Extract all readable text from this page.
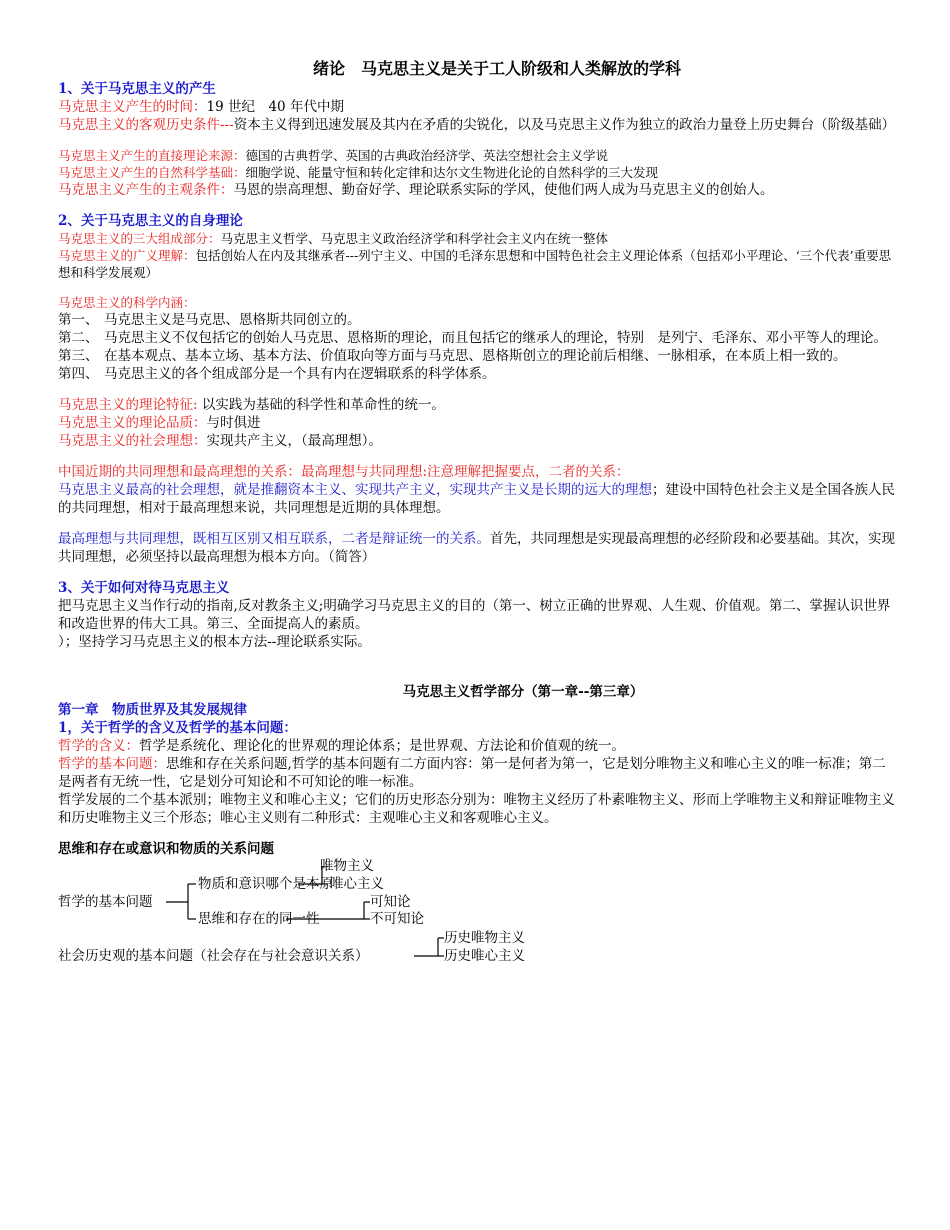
绪论　马克思主义是关于工人阶级和人类解放的学科
1、关于马克思主义的产生
马克思主义产生的时间：19 世纪　40 年代中期
马克思主义的客观历史条件---资本主义得到迅速发展及其内在矛盾的尖锐化，以及马克思主义作为独立的政治力量登上历史舞台（阶级基础）
马克思主义产生的直接理论来源：德国的古典哲学、英国的古典政治经济学、英法空想社会主义学说
马克思主义产生的自然科学基础：细胞学说、能量守恒和转化定律和达尔文生物进化论的自然科学的三大发现
马克思主义产生的主观条件：马恩的崇高理想、勤奋好学、理论联系实际的学风，使他们两人成为马克思主义的创始人。
2、关于马克思主义的自身理论
马克思主义的三大组成部分：马克思主义哲学、马克思主义政治经济学和科学社会主义内在统一整体
马克思主义的广义理解：包括创始人在内及其继承者---列宁主义、中国的毛泽东思想和中国特色社会主义理论体系（包括邓小平理论、‘三个代表’重要思想和科学发展观）
马克思主义的科学内涵：
第一、 马克思主义是马克思、恩格斯共同创立的。
第二、 马克思主义不仅包括它的创始人马克思、恩格斯的理论，而且包括它的继承人的理论，特别　是列宁、毛泽东、邓小平等人的理论。
第三、 在基本观点、基本立场、基本方法、价值取向等方面与马克思、恩格斯创立的理论前后相继、一脉相承，在本质上相一致的。
第四、 马克思主义的各个组成部分是一个具有内在逻辑联系的科学体系。
马克思主义的理论特征: 以实践为基础的科学性和革命性的统一。
马克思主义的理论品质：与时俱进
马克思主义的社会理想：实现共产主义，（最高理想）。
中国近期的共同理想和最高理想的关系：最高理想与共同理想:注意理解把握要点，二者的关系：
马克思主义最高的社会理想，就是推翻资本主义、实现共产主义，实现共产主义是长期的远大的理想；建设中国特色社会主义是全国各族人民的共同理想，相对于最高理想来说，共同理想是近期的具体理想。
最高理想与共同理想，既相互区别又相互联系，二者是辩证统一的关系。首先，共同理想是实现最高理想的必经阶段和必要基础。其次，实现共同理想，必须坚持以最高理想为根本方向。（简答）
3、关于如何对待马克思主义
把马克思主义当作行动的指南,反对教条主义;明确学习马克思主义的目的（第一、树立正确的世界观、人生观、价值观。第二、掌握认识世界和改造世界的伟大工具。第三、全面提高人的素质。
）；坚持学习马克思主义的根本方法--理论联系实际。
马克思主义哲学部分（第一章--第三章）
第一章　物质世界及其发展规律
1，关于哲学的含义及哲学的基本问题：
哲学的含义：哲学是系统化、理论化的世界观的理论体系；是世界观、方法论和价值观的统一。
哲学的基本问题：思维和存在关系问题,哲学的基本问题有二方面内容：第一是何者为第一，它是划分唯物主义和唯心主义的唯一标准；第二是两者有无统一性，它是划分可知论和不可知论的唯一标准。
哲学发展的二个基本派别；唯物主义和唯心主义；它们的历史形态分别为：唯物主义经历了朴素唯物主义、形而上学唯物主义和辩证唯物主义和历史唯物主义三个形态；唯心主义则有二种形式：主观唯心主义和客观唯心主义。
思维和存在或意识和物质的关系问题
哲学的基本问题
物质和意识哪个是本原
唯物主义
唯心主义
思维和存在的同一性
可知论
不可知论
社会历史观的基本问题（社会存在与社会意识关系）
历史唯物主义
历史唯心主义
